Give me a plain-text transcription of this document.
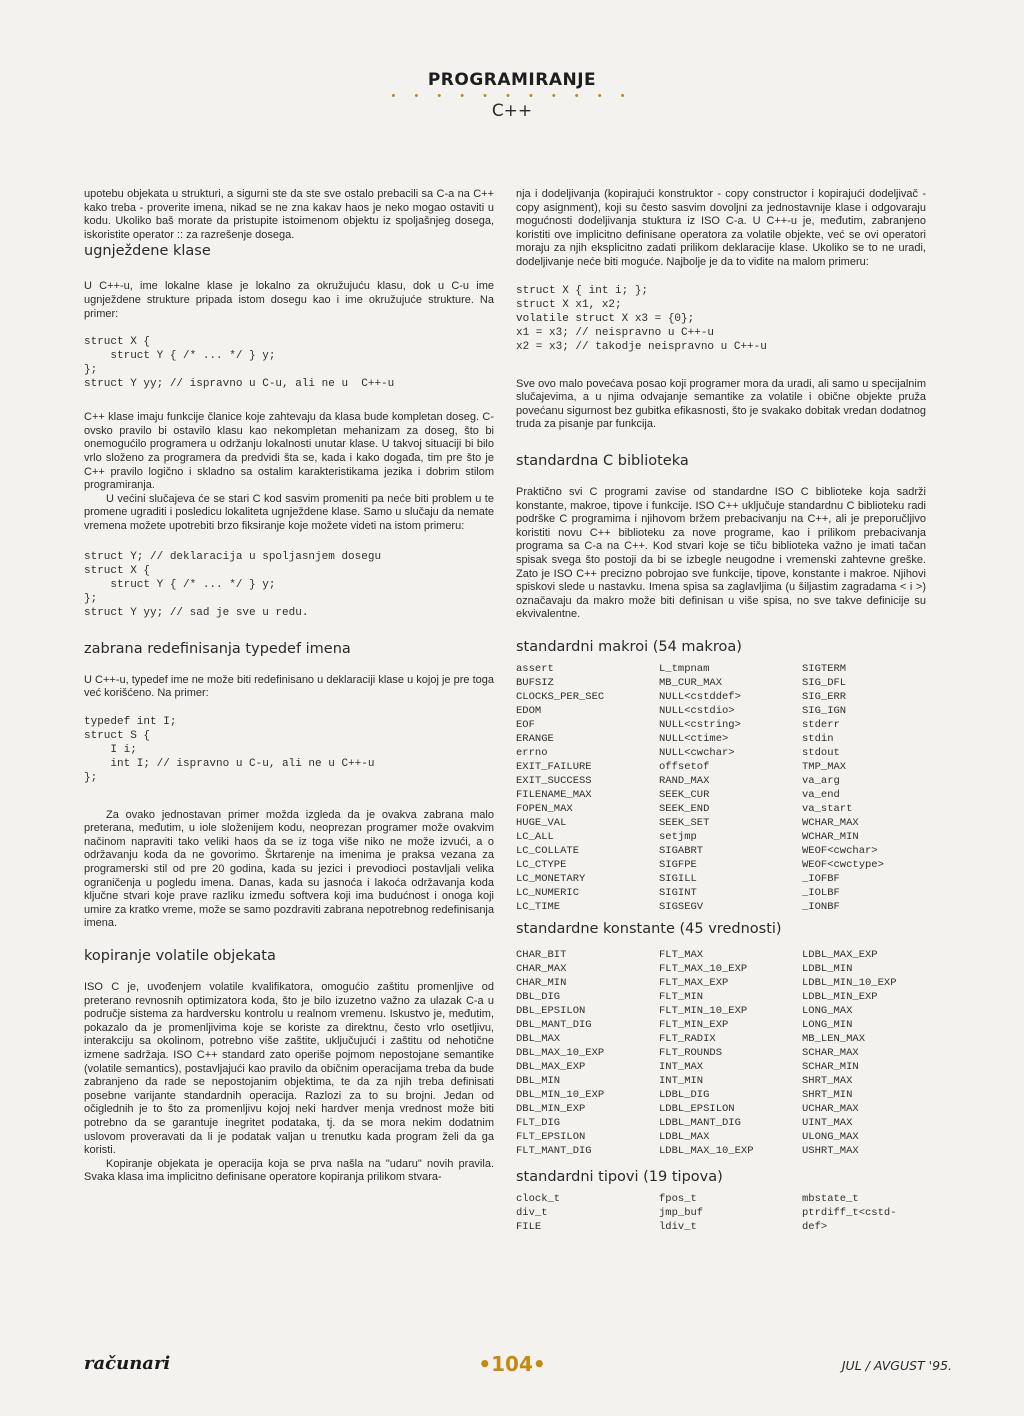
PROGRAMIRANJE
• • • • • • • • • • •
C++

upotebu objekata u strukturi, a sigurni ste da ste sve ostalo prebacili sa C-a na C++ kako treba - proverite imena, nikad se ne zna kakav haos je neko mogao ostaviti u kodu. Ukoliko baš morate da pristupite istoimenom objektu iz spoljašnjeg dosega, iskoristite operator :: za razrešenje dosega.

ugnježdene klase

U C++-u, ime lokalne klase je lokalno za okružujuću klasu, dok u C-u ime ugnježdene strukture pripada istom dosegu kao i ime okružujuće strukture. Na primer:

struct X {
struct Y { /* ... */ } y;
};
struct Y yy; // ispravno u C-u, ali ne u  C++-u

C++ klase imaju funkcije članice koje zahtevaju da klasa bude kompletan doseg. C-ovsko pravilo bi ostavilo klasu kao nekompletan mehanizam za doseg, što bi onemogućilo programera u održanju lokalnosti unutar klase. U takvoj situaciji bi bilo vrlo složeno za programera da predvidi šta se, kada i kako događa, tim pre što je C++ pravilo logično i skladno sa ostalim karakteristikama jezika i dobrim stilom programiranja.

U većini slučajeva će se stari C kod sasvim promeniti pa neće biti problem u te promene ugraditi i posledicu lokaliteta ugnježdene klase. Samo u slučaju da nemate vremena možete upotrebiti brzo fiksiranje koje možete videti na istom primeru:

struct Y; // deklaracija u spoljasnjem dosegu
struct X {
struct Y { /* ... */ } y;
};
struct Y yy; // sad je sve u redu.
zabrana redefinisanja typedef imena

U C++-u, typedef ime ne može biti redefinisano u deklaraciji klase u kojoj je pre toga već korišćeno. Na primer:

typedef int I;
struct S {
I i;
int I; // ispravno u C-u, ali ne u C++-u
};

Za ovako jednostavan primer možda izgleda da je ovakva zabrana malo preterana, međutim, u iole složenijem kodu, neoprezan programer može ovakvim načinom napraviti tako veliki haos da se iz toga više niko ne može izvući, a o održavanju koda da ne govorimo. Škrtarenje na imenima je praksa vezana za programerski stil od pre 20 godina, kada su jezici i prevodioci postavljali velika ograničenja u pogledu imena. Danas, kada su jasnoća i lakoća održavanja koda ključne stvari koje prave razliku između softvera koji ima budućnost i onoga koji umire za kratko vreme, može se samo pozdraviti zabrana nepotrebnog redefinisanja imena.

kopiranje volatile objekata

ISO C je, uvođenjem volatile kvalifikatora, omogućio zaštitu promenljive od preterano revnosnih optimizatora koda, što je bilo izuzetno važno za ulazak C-a u područje sistema za hardversku kontrolu u realnom vremenu. Iskustvo je, međutim, pokazalo da je promenljivima koje se koriste za direktnu, često vrlo osetljivu, interakciju sa okolinom, potrebno više zaštite, uključujući i zaštitu od nehotične izmene sadržaja. ISO C++ standard zato operiše pojmom nepostojane semantike (volatile semantics), postavljajući kao pravilo da običnim operacijama treba da bude zabranjeno da rade se nepostojanim objektima, te da za njih treba definisati posebne varijante standardnih operacija. Razlozi za to su brojni. Jedan od očiglednih je to što za promenljivu kojoj neki hardver menja vrednost može biti potrebno da se garantuje inegritet podataka, tj. da se mora nekim dodatnim uslovom proveravati da li je podatak valjan u trenutku kada program želi da ga koristi.

Kopiranje objekata je operacija koja se prva našla na "udaru" novih pravila. Svaka klasa ima implicitno definisane operatore kopiranja prilikom stvara-

nja i dodeljivanja (kopirajući konstruktor - copy constructor i kopirajući dodeljivač - copy asignment), koji su često sasvim dovoljni za jednostavnije klase i odgovaraju mogućnosti dodeljivanja stuktura iz ISO C-a. U C++-u je, međutim, zabranjeno koristiti ove implicitno definisane operatora za volatile objekte, već se ovi operatori moraju za njih eksplicitno zadati prilikom deklaracije klase. Ukoliko se to ne uradi, dodeljivanje neće biti moguće. Najbolje je da to vidite na malom primeru:

struct X { int i; };
struct X x1, x2;
volatile struct X x3 = {0};
x1 = x3; // neispravno u C++-u
x2 = x3; // takodje neispravno u C++-u

Sve ovo malo povećava posao koji programer mora da uradi, ali samo u specijalnim slučajevima, a u njima odvajanje semantike za volatile i obične objekte pruža povećanu sigurnost bez gubitka efikasnosti, što je svakako dobitak vredan dodatnog truda za pisanje par funkcija.

standardna C biblioteka

Praktično svi C programi zavise od standardne ISO C biblioteke koja sadrži konstante, makroe, tipove i funkcije. ISO C++ uključuje standardnu C biblioteku radi podrške C programima i njihovom bržem prebacivanju na C++, ali je preporučljivo koristiti novu C++ biblioteku za nove programe, kao i prilikom prebacivanja programa sa C-a na C++. Kod stvari koje se tiču biblioteka važno je imati tačan spisak svega što postoji da bi se izbegle neugodne i vremenski zahtevne greške. Zato je ISO C++ precizno pobrojao sve funkcije, tipove, konstante i makroe. Njihovi spiskovi slede u nastavku. Imena spisa sa zaglavljima (u šiljastim zagradama < i >) označavaju da makro može biti definisan u više spisa, no sve takve definicije su ekvivalentne.

standardni makroi (54 makroa)
assert	L_tmpnam	SIGTERM
BUFSIZ	MB_CUR_MAX	SIG_DFL
CLOCKS_PER_SEC	NULL<cstddef>	SIG_ERR
EDOM	NULL<cstdio>	SIG_IGN
EOF	NULL<cstring>	stderr
ERANGE	NULL<ctime>	stdin
errno	NULL<cwchar>	stdout
EXIT_FAILURE	offsetof	TMP_MAX
EXIT_SUCCESS	RAND_MAX	va_arg
FILENAME_MAX	SEEK_CUR	va_end
FOPEN_MAX	SEEK_END	va_start
HUGE_VAL	SEEK_SET	WCHAR_MAX
LC_ALL	setjmp	WCHAR_MIN
LC_COLLATE	SIGABRT	WEOF<cwchar>
LC_CTYPE	SIGFPE	WEOF<cwctype>
LC_MONETARY	SIGILL	_IOFBF
LC_NUMERIC	SIGINT	_IOLBF
LC_TIME	SIGSEGV	_IONBF
standardne konstante (45 vrednosti)
CHAR_BIT	FLT_MAX	LDBL_MAX_EXP
CHAR_MAX	FLT_MAX_10_EXP	LDBL_MIN
CHAR_MIN	FLT_MAX_EXP	LDBL_MIN_10_EXP
DBL_DIG	FLT_MIN	LDBL_MIN_EXP
DBL_EPSILON	FLT_MIN_10_EXP	LONG_MAX
DBL_MANT_DIG	FLT_MIN_EXP	LONG_MIN
DBL_MAX	FLT_RADIX	MB_LEN_MAX
DBL_MAX_10_EXP	FLT_ROUNDS	SCHAR_MAX
DBL_MAX_EXP	INT_MAX	SCHAR_MIN
DBL_MIN	INT_MIN	SHRT_MAX
DBL_MIN_10_EXP	LDBL_DIG	SHRT_MIN
DBL_MIN_EXP	LDBL_EPSILON	UCHAR_MAX
FLT_DIG	LDBL_MANT_DIG	UINT_MAX
FLT_EPSILON	LDBL_MAX	ULONG_MAX
FLT_MANT_DIG	LDBL_MAX_10_EXP	USHRT_MAX
standardni tipovi (19 tipova)
clock_t	fpos_t	mbstate_t
div_t	jmp_buf	ptrdiff_t<cstd-
FILE	ldiv_t	def>
računari	•104•	JUL / AVGUST '95.
